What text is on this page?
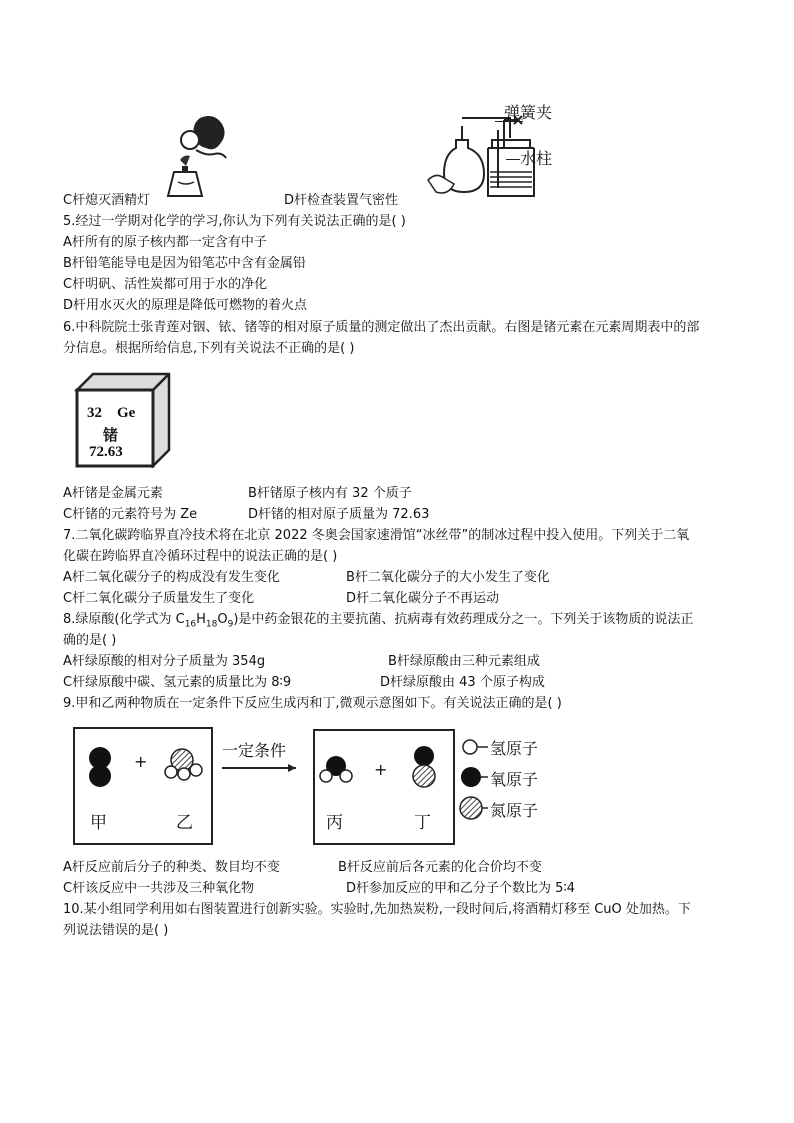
弹簧夹
水柱
C杆熄灭酒精灯	D杆检查装置气密性
5.经过一学期对化学的学习,你认为下列有关说法正确的是( )
A杆所有的原子核内都一定含有中子
B杆铅笔能导电是因为铅笔芯中含有金属铅
C杆明矾、活性炭都可用于水的净化
D杆用水灭火的原理是降低可燃物的着火点
6.中科院院士张青莲对铟、铱、锗等的相对原子质量的测定做出了杰出贡献。右图是锗元素在元素周期表中的部
分信息。根据所给信息,下列有关说法不正确的是( )
32 Ge
锗
72.63
A杆锗是金属元素	B杆锗原子核内有 32 个质子
C杆锗的元素符号为 Ze	D杆锗的相对原子质量为 72.63
7.二氧化碳跨临界直冷技术将在北京 2022 冬奥会国家速滑馆“冰丝带”的制冰过程中投入使用。下列关于二氧
化碳在跨临界直冷循环过程中的说法正确的是( )
A杆二氧化碳分子的构成没有发生变化	B杆二氧化碳分子的大小发生了变化
C杆二氧化碳分子质量发生了变化	D杆二氧化碳分子不再运动
8.绿原酸(化学式为 $C_{16}H_{18}O_9$)是中药金银花的主要抗菌、抗病毒有效药理成分之一。下列关于该物质的说法正
确的是( )
A杆绿原酸的相对分子质量为 354g	B杆绿原酸由三种元素组成
C杆绿原酸中碳、氢元素的质量比为 8∶9	D杆绿原酸由 43 个原子构成
9.甲和乙两种物质在一定条件下反应生成丙和丁,微观示意图如下。有关说法正确的是( )
+	+
一定条件
甲	乙	丙	丁
氢原子
氧原子
氮原子
A杆反应前后分子的种类、数目均不变	B杆反应前后各元素的化合价均不变
C杆该反应中一共涉及三种氧化物	D杆参加反应的甲和乙分子个数比为 5∶4
10.某小组同学利用如右图装置进行创新实验。实验时,先加热炭粉,一段时间后,将酒精灯移至 CuO 处加热。下
列说法错误的是( )
